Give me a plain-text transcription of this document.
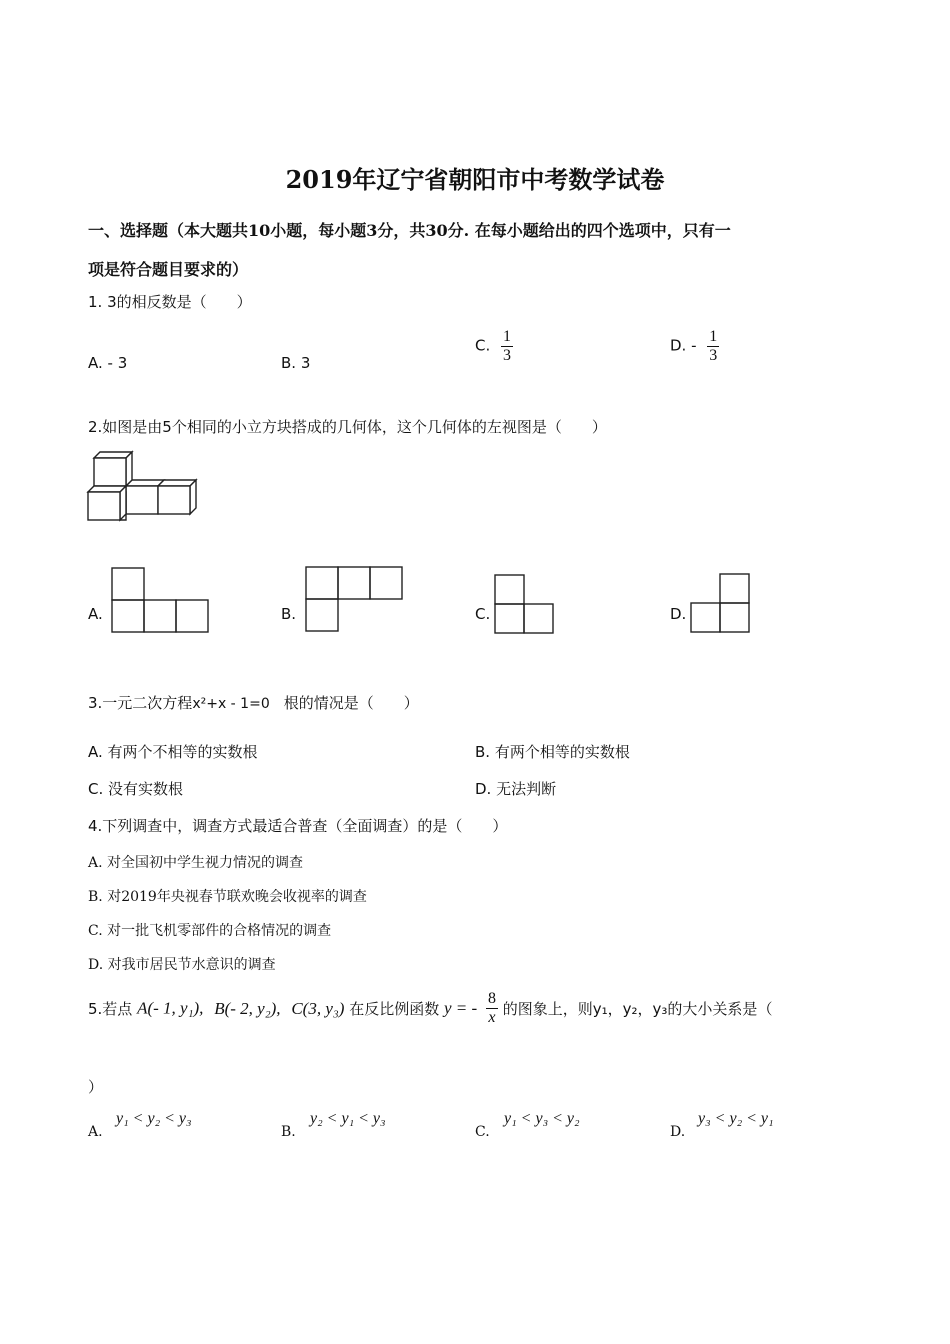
2019年辽宁省朝阳市中考数学试卷
一、选择题（本大题共10小题，每小题3分，共30分. 在每小题给出的四个选项中，只有一
项是符合题目要求的）
1. 3的相反数是（　　）
A. - 3	B. 3
C. $\frac{1}{3}$	D. - $\frac{1}{3}$
2.如图是由5个相同的小立方块搭成的几何体，这个几何体的左视图是（　　）
A.	B.	C.	D.
3.一元二次方程x²+x - 1=0 根的情况是（　　）
A. 有两个不相等的实数根	B. 有两个相等的实数根
C. 没有实数根	D. 无法判断
4.下列调查中，调查方式最适合普查（全面调查）的是（　　）
A. 对全国初中学生视力情况的调查
B. 对2019年央视春节联欢晚会收视率的调查
C. 对一批飞机零部件的合格情况的调查
D. 对我市居民节水意识的调查
5.若点 A(- 1, y₁), B(- 2, y₂), C(3, y₃) 在反比例函数 y = - $\frac{8}{x}$ 的图象上，则y₁，y₂，y₃的大小关系是（
）
A.
y₁ < y₂ < y₃
B.
y₂ < y₁ < y₃
C.
y₁ < y₃ < y₂
D.
y₃ < y₂ < y₁
